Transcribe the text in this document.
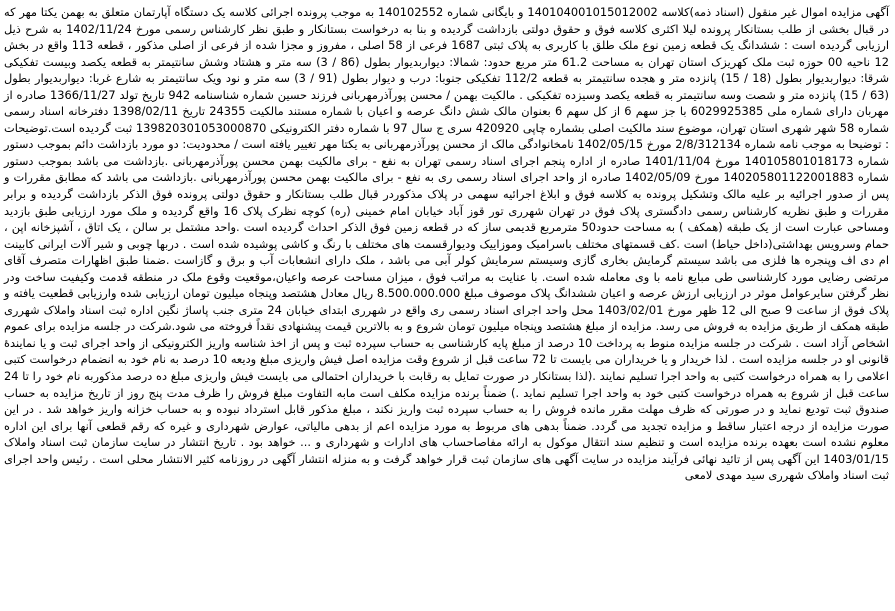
آگهی مزایده اموال غیر منقول (اسناد ذمه)کلاسه 140104001015012002 و بایگانی شماره 140102552 به موجب پرونده اجرائی کلاسه یک دستگاه آپارتمان متعلق به بهمن یکتا مهر که در قبال بخشی از طلب بستانکار پرونده لیلا اکثری کلاسه فوق و حقوق دولتی بازداشت گردیده و بنا به درخواست بستانکار و طبق نظر کارشناس رسمی مورخ 1402/11/24 به شرح ذیل ارزیابی گردیده است : ششدانگ یک قطعه زمین نوع ملک طلق با کاربری به پلاک ثبتی 1687 فرعی از 58 اصلی ، مفروز و مجزا شده از فرعی از اصلی مذکور ، قطعه 113 واقع در بخش 12 ناحیه 00 حوزه ثبت ملک کهریزک استان تهران به مساحت 61.2 متر مربع حدود: شمالا: دیواربدیوار بطول (86 / 3) سه متر و هشتاد وشش سانتیمتر به قطعه یکصد وبیست تفکیکی شرقا: دیواربدیوار بطول (18 / 15) پانزده متر و هجده سانتیمتر به قطعه 112/2 تفکیکی جنوبا: درب و دیوار بطول (91 / 3) سه متر و نود ویک سانتیمتر به شارع غربا: دیواربدیوار بطول (63 / 15) پانزده متر و شصت وسه سانتیمتر به قطعه یکصد وسیزده تفکیکی . مالکیت بهمن / محسن پورآذرمهربانی فرزند حسین شماره شناسنامه 942 تاریخ تولد 1366/11/27 صادره از مهربان دارای شماره ملی 6029925385 با جز سهم 6 از کل سهم 6 بعنوان مالک شش دانگ عرصه و اعیان با شماره مستند مالکیت 24355 تاریخ 1398/02/11 دفترخانه اسناد رسمی شماره 58 شهر شهری استان تهران، موضوع سند مالکیت اصلی بشماره چاپی 420920 سری ج سال 97 با شماره دفتر الکترونیکی 139820301053000870 ثبت گردیده است.توضیحات : توضیحا به موجب نامه شماره 2/8/312134 مورخ 1402/05/15 نامخانوادگی مالک از محسن پورآذرمهربانی به یکتا مهر تغییر یافته است / محدودیت: دو مورد بازداشت دائم بموجب دستور شماره 140105801018173 مورخ 1401/11/04 صادره از اداره پنجم اجرای اسناد رسمی تهران به نفع - برای مالکیت بهمن محسن پورآذرمهربانی .بازداشت می باشد بموجب دستور شماره 140205801122001883 مورخ 1402/05/09 صادره از واحد اجرای اسناد رسمی ری به نفع - برای مالکیت بهمن محسن پورآذرمهربانی .بازداشت می باشد که مطابق مقررات و پس از صدور اجرائیه بر علیه مالک وتشکیل پرونده به کلاسه فوق و ابلاغ اجرائیه سهمی در پلاک مذکوردر قبال طلب بستانکار و حقوق دولتی پرونده فوق الذکر بازداشت گردیده و برابر مقررات و طبق نظریه کارشناس رسمی دادگستری پلاک فوق در تهران شهرری تور قوز آباد خیابان امام خمینی (ره) کوچه نظرک پلاک 16 واقع گردیده و ملک مورد ارزیابی طبق بازدید ومساحی عبارت است از یک طبقه (همکف ) به مساحت حدود50 مترمربع قدیمی ساز که در قطعه زمین فوق الذکر احداث گردیده است .واحد مشتمل بر سالن ، یک اتاق ، آشپزخانه اپن ، حمام وسرویس بهداشتی(داخل حیاط) است .کف قسمتهای مختلف باسرامیک وموزاییک ودیوارقسمت های مختلف با رنگ و کاشی پوشیده شده است . دربها چوبی و شیر آلات ایرانی کابینت ام دی اف وپنجره ها فلزی می باشد سیستم گرمایش بخاری گازی وسیستم سرمایش کولر آبی می باشد ، ملک دارای انشعابات آب و برق و گازاست .ضمنا طبق اظهارات متصرف آقای مرتضی رضایی مورد کارشناسی طی مبایع نامه با وی معامله شده است. با عنایت به مراتب فوق ، میزان مساحت عرصه واعیان،موقعیت وقوع ملک در منطقه قدمت وکیفیت ساخت ودر نظر گرفتن سایرعوامل موثر در ارزیابی ارزش عرصه و اعیان ششدانگ پلاک موصوف مبلغ 8.500.000.000 ریال معادل هشتصد وپنجاه میلیون تومان ارزیابی شده وارزیابی قطعیت یافته و پلاک فوق از ساعت 9 صبح الی 12 ظهر مورخ 1403/02/01 محل واحد اجرای اسناد رسمی ری واقع در شهرری ابتدای خیابان 24 متری جنب پاساژ نگین اداره ثبت اسناد واملاک شهرری طبقه همکف از طریق مزایده به فروش می رسد. مزایده از مبلغ هشتصد وپنجاه میلیون تومان شروع و به بالاترین قیمت پیشنهادی نقداً فروخته می شود.شرکت در جلسه مزایده برای عموم اشخاص آزاد است . شرکت در جلسه مزایده منوط به پرداخت 10 درصد از مبلغ پایه کارشناسی به حساب سپرده ثبت و پس از اخذ شناسه واریز الکترونیکی از واحد اجرای ثبت و یا نمایندۀ قانونی او در جلسه مزایده است . لذا خریدار و یا خریداران می بایست تا 72 ساعت قبل از شروع وقت مزایده اصل فیش واریزی مبلغ ودیعه 10 درصد به نام خود به انضمام درخواست کتبی اعلامی را به همراه درخواست کتبی به واحد اجرا تسلیم نمایند .(لذا بستانکار در صورت تمایل به رقابت با خریداران احتمالی می بایست فیش واریزی مبلغ ده درصد مذکوربه نام خود را تا 24 ساعت قبل از شروع به همراه درخواست کتبی خود به واحد اجرا تسلیم نماید .) ضمناً برنده مزایده مکلف است مابه التفاوت مبلغ فروش را ظرف مدت پنج روز از تاریخ مزایده به حساب صندوق ثبت تودیع نماید و در صورتی که ظرف مهلت مقرر مانده فروش را به حساب سپرده ثبت واریز نکند ، مبلغ مذکور قابل استرداد نبوده و به حساب خزانه واریز خواهد شد . در این صورت مزایده از درجه اعتبار ساقط و مزایده تجدید می گردد. ضمناً بدهی های مربوط به مورد مزایده اعم از بدهی مالیاتی، عوارض شهرداری و غیره که رقم قطعی آنها برای این اداره معلوم نشده است بعهده برنده مزایده است و تنظیم سند انتقال موکول به ارائه مفاصاحساب های ادارات و شهرداری و ... خواهد بود . تاریخ انتشار در سایت سازمان ثبت اسناد واملاک 1403/01/15 این آگهی پس از تائید نهائی فرآیند مزایده در سایت آگهی های سازمان ثبت قرار خواهد گرفت و به منزله انتشار آگهی در روزنامه کثیر الانتشار محلی است . رئیس واحد اجرای ثبت اسناد واملاک شهرری سید مهدی لامعی
